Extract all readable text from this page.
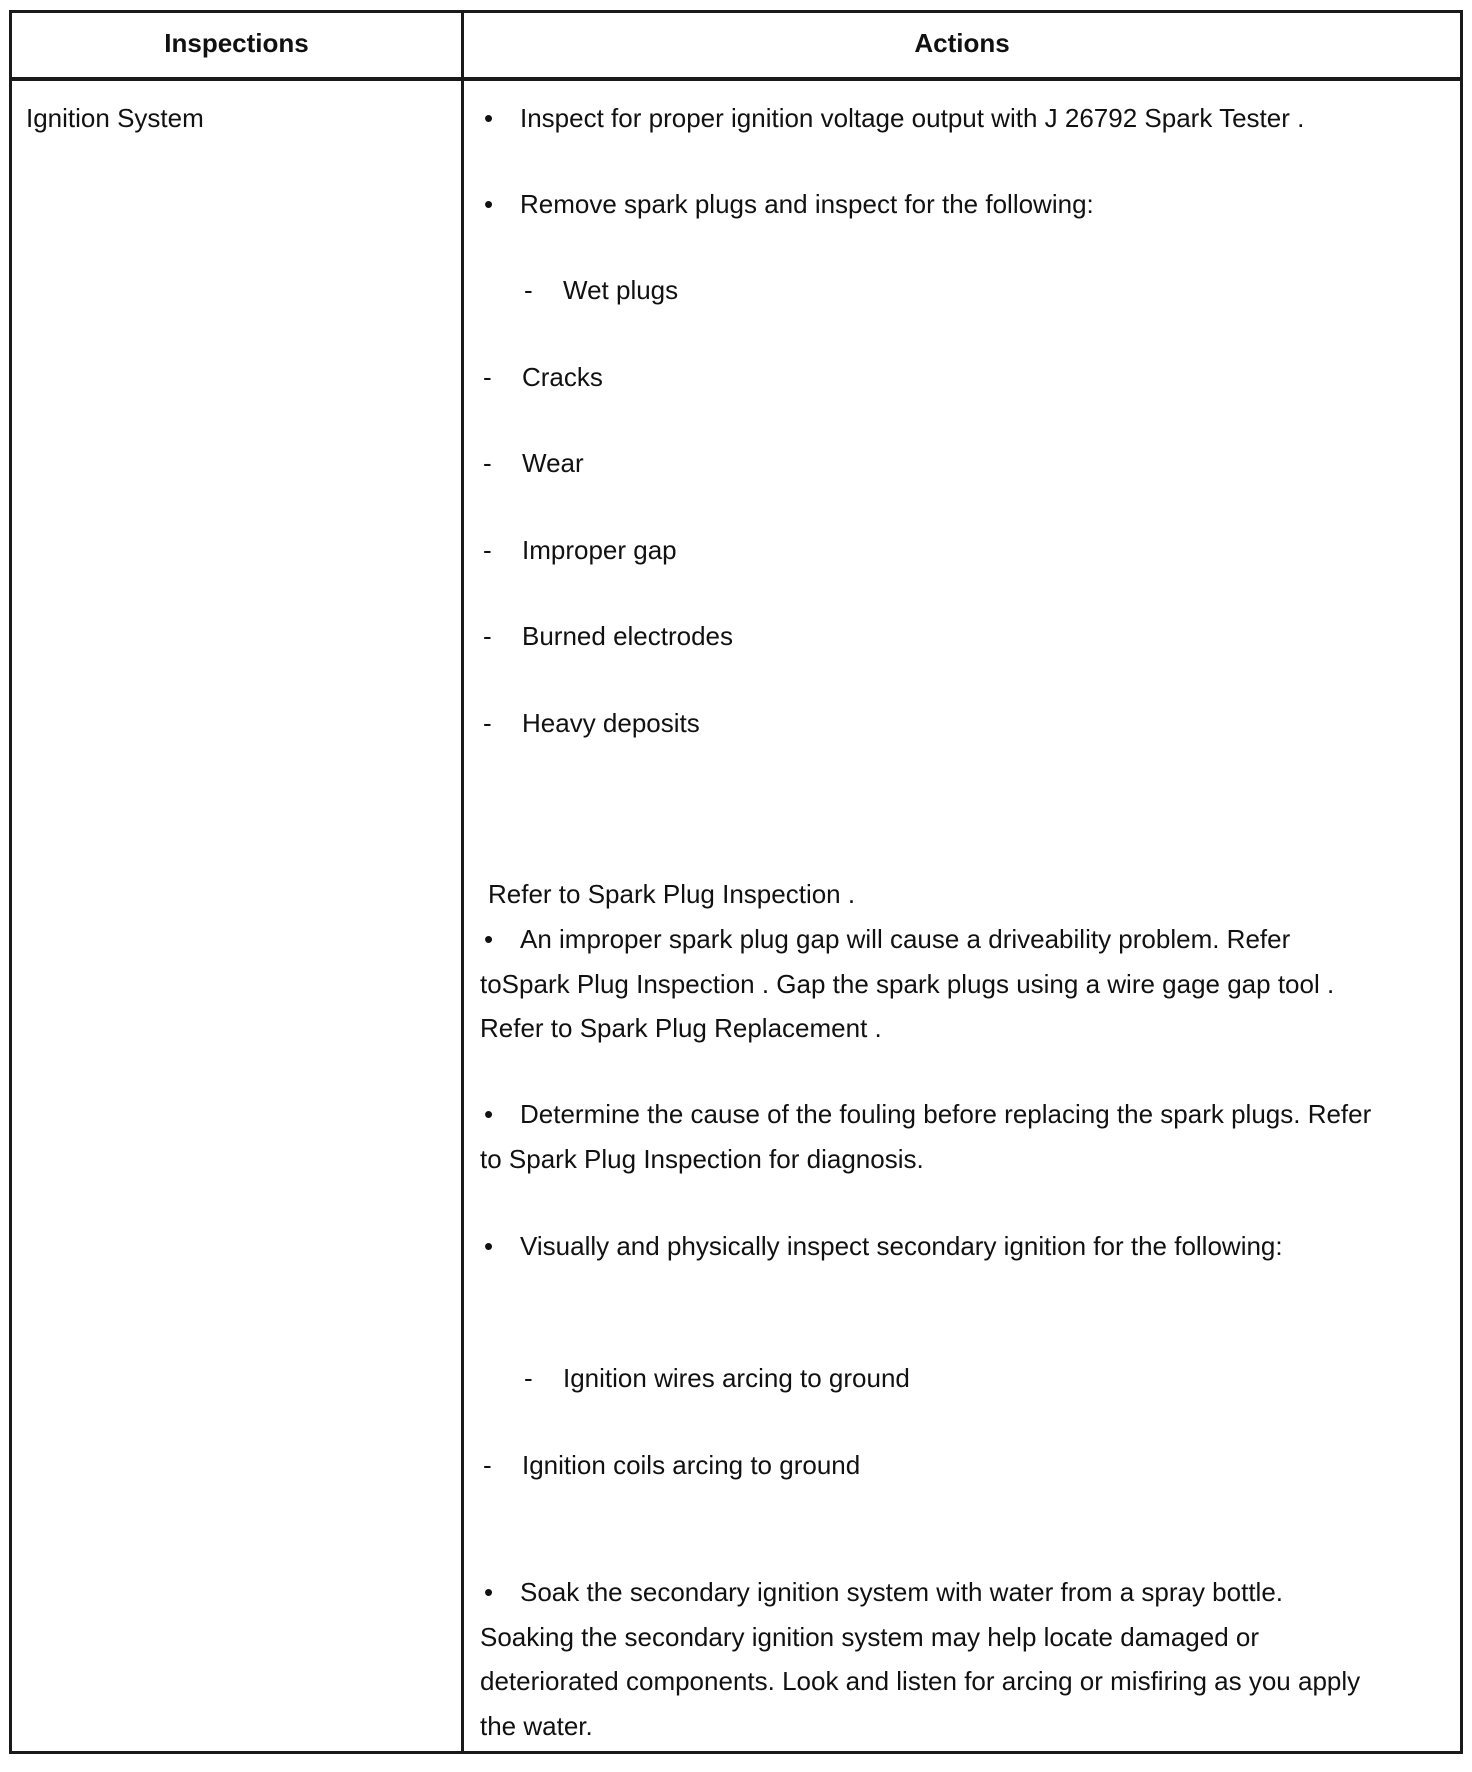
Inspections	Actions
Ignition System	• Inspect for proper ignition voltage output with J 26792 Spark Tester .
• Remove spark plugs and inspect for the following:
- Wet plugs
- Cracks
- Wear
- Improper gap
- Burned electrodes
- Heavy deposits
Refer to Spark Plug Inspection .
• An improper spark plug gap will cause a driveability problem. Refer toSpark Plug Inspection . Gap the spark plugs using a wire gage gap tool . Refer to Spark Plug Replacement .
• Determine the cause of the fouling before replacing the spark plugs. Refer to Spark Plug Inspection for diagnosis.
• Visually and physically inspect secondary ignition for the following:
- Ignition wires arcing to ground
- Ignition coils arcing to ground
• Soak the secondary ignition system with water from a spray bottle. Soaking the secondary ignition system may help locate damaged or deteriorated components. Look and listen for arcing or misfiring as you apply the water.
